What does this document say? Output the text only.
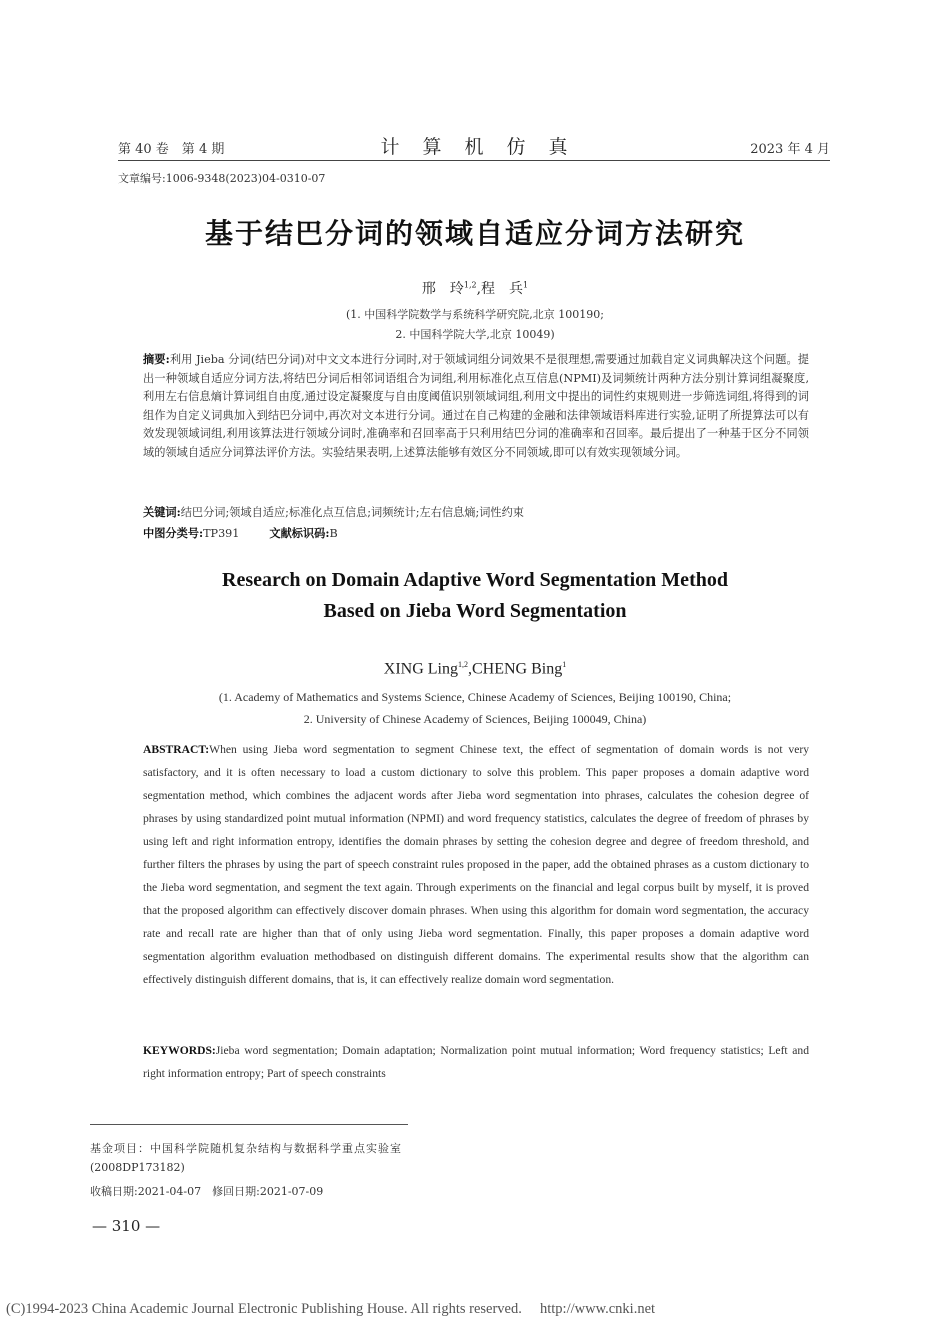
第 40 卷　第 4 期	计　算　机　仿　真	2023 年 4 月
文章编号:1006-9348(2023)04-0310-07
基于结巴分词的领域自适应分词方法研究
邢　玲$^{1,2}$,程　兵$^1$
(1. 中国科学院数学与系统科学研究院,北京 100190;
2. 中国科学院大学,北京 10049)
摘要:利用 Jieba 分词(结巴分词)对中文文本进行分词时,对于领域词组分词效果不是很理想,需要通过加载自定义词典解决这个问题。提出一种领域自适应分词方法,将结巴分词后相邻词语组合为词组,利用标准化点互信息(NPMI)及词频统计两种方法分别计算词组凝聚度,利用左右信息熵计算词组自由度,通过设定凝聚度与自由度阈值识别领域词组,利用文中提出的词性约束规则进一步筛选词组,将得到的词组作为自定义词典加入到结巴分词中,再次对文本进行分词。通过在自己构建的金融和法律领域语料库进行实验,证明了所提算法可以有效发现领域词组,利用该算法进行领域分词时,准确率和召回率高于只利用结巴分词的准确率和召回率。最后提出了一种基于区分不同领域的领域自适应分词算法评价方法。实验结果表明,上述算法能够有效区分不同领域,即可以有效实现领域分词。
关键词:结巴分词;领域自适应;标准化点互信息;词频统计;左右信息熵;词性约束
中图分类号:TP391	文献标识码:B
Research on Domain Adaptive Word Segmentation Method
Based on Jieba Word Segmentation
XING Ling$^{1,2}$,CHENG Bing$^1$
(1. Academy of Mathematics and Systems Science, Chinese Academy of Sciences, Beijing 100190, China;
2. University of Chinese Academy of Sciences, Beijing 100049, China)
ABSTRACT:When using Jieba word segmentation to segment Chinese text, the effect of segmentation of domain words is not very satisfactory, and it is often necessary to load a custom dictionary to solve this problem. This paper proposes a domain adaptive word segmentation method, which combines the adjacent words after Jieba word segmentation into phrases, calculates the cohesion degree of phrases by using standardized point mutual information (NPMI) and word frequency statistics, calculates the degree of freedom of phrases by using left and right information entropy, identifies the domain phrases by setting the cohesion degree and degree of freedom threshold, and further filters the phrases by using the part of speech constraint rules proposed in the paper, add the obtained phrases as a custom dictionary to the Jieba word segmentation, and segment the text again. Through experiments on the financial and legal corpus built by myself, it is proved that the proposed algorithm can effectively discover domain phrases. When using this algorithm for domain word segmentation, the accuracy rate and recall rate are higher than that of only using Jieba word segmentation. Finally, this paper proposes a domain adaptive word segmentation algorithm evaluation methodbased on distinguish different domains. The experimental results show that the algorithm can effectively distinguish different domains, that is, it can effectively realize domain word segmentation.
KEYWORDS:Jieba word segmentation; Domain adaptation; Normalization point mutual information; Word frequency statistics; Left and right information entropy; Part of speech constraints
基金项目：中国科学院随机复杂结构与数据科学重点实验室
(2008DP173182)
收稿日期:2021-04-07　修回日期:2021-07-09
— 310 —
(C)1994-2023 China Academic Journal Electronic Publishing House. All rights reserved.　 http://www.cnki.net
